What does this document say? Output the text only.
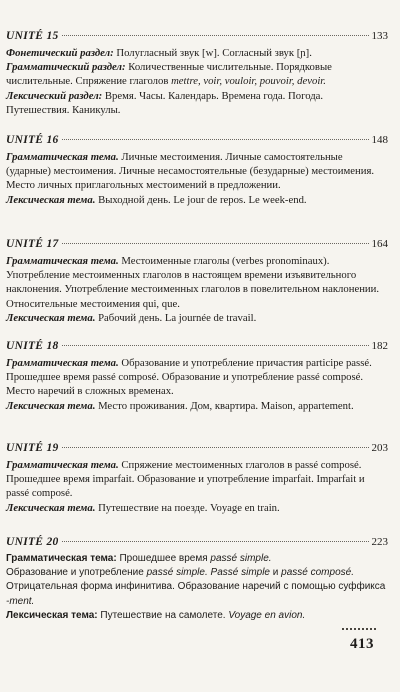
UNITÉ 15	133

Фонетический раздел: Полугласный звук [w]. Согласный звук [ɲ].

Грамматический раздел: Количественные числительные. Порядковые числительные. Спряжение глаголов mettre, voir, vouloir, pouvoir, devoir.

Лексический раздел: Время. Часы. Календарь. Времена года. Погода. Путешествия. Каникулы.

UNITÉ 16	148

Грамматическая тема. Личные местоимения. Личные самостоятельные (ударные) местоимения. Личные несамостоятельные (безударные) местоимения. Место личных приглагольных местоимений в предложении.

Лексическая тема. Выходной день. Le jour de repos. Le week-end.

UNITÉ 17	164

Грамматическая тема. Местоименные глаголы (verbes pronominaux). Употребление местоименных глаголов в настоящем времени изъявительного наклонения. Употребление местоименных глаголов в повелительном наклонении. Относительные местоимения qui, que.

Лексическая тема. Рабочий день. La journée de travail.

UNITÉ 18	182

Грамматическая тема. Образование и употребление причастия participe passé. Прошедшее время passé composé. Образование и употребление passé composé. Место наречий в сложных временах.

Лексическая тема. Место проживания. Дом, квартира. Maison, appartement.

UNITÉ 19	203

Грамматическая тема. Спряжение местоименных глаголов в passé composé. Прошедшее время imparfait. Образование и употребление imparfait. Imparfait и passé composé.

Лексическая тема. Путешествие на поезде. Voyage en train.

UNITÉ 20	223

Грамматическая тема: Прошедшее время passé simple.

Образование и употребление passé simple. Passé simple и passé composé.

Отрицательная форма инфинитива. Образование наречий с помощью суффикса -ment.

Лексическая тема: Путешествие на самолете. Voyage en avion.

413
